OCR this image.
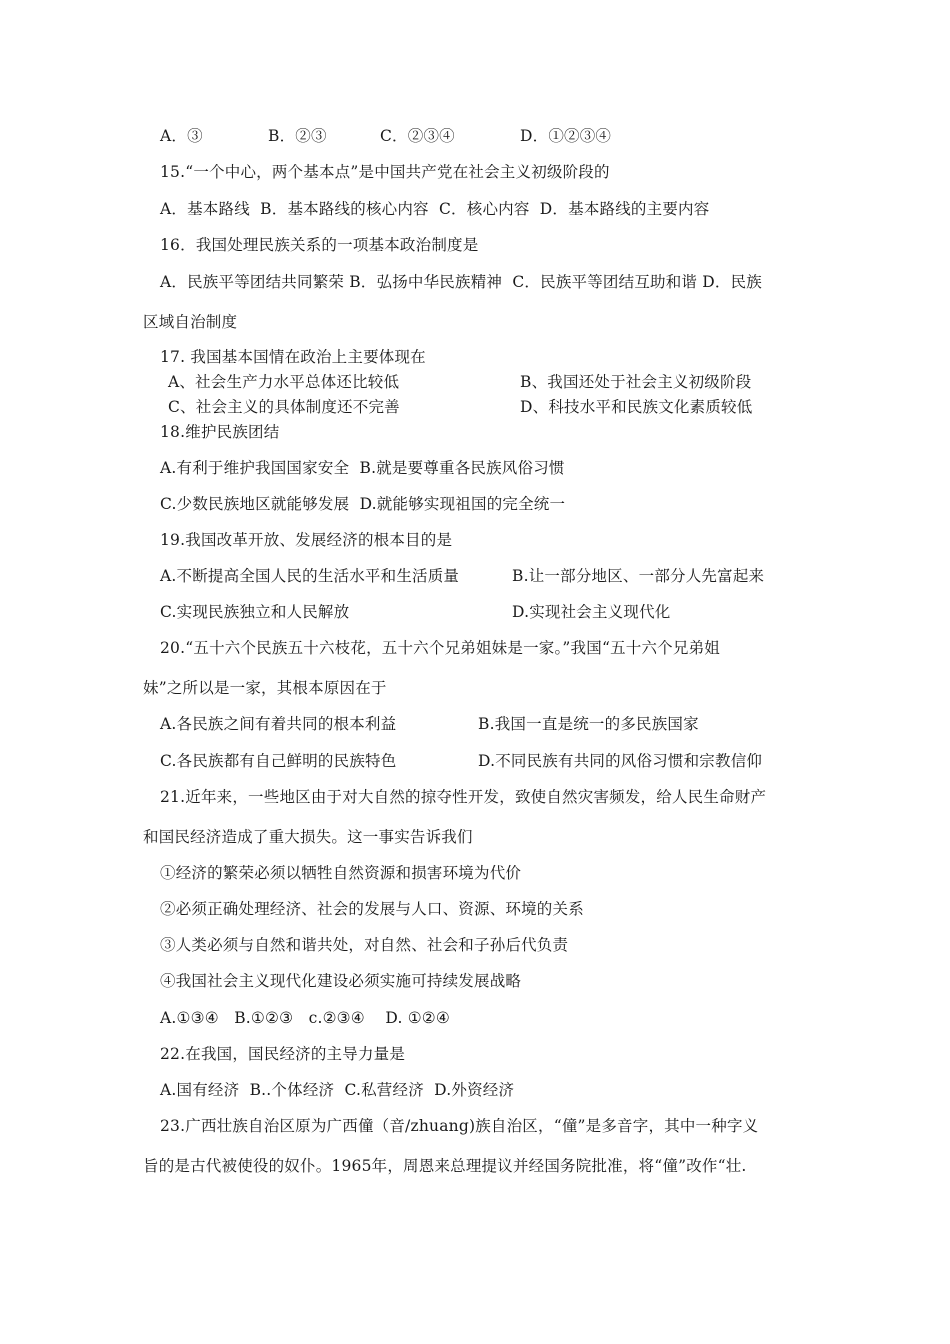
A．③

	B．②③

	C．②③④

	D．①②③④

15.“一个中心，两个基本点”是中国共产党在社会主义初级阶段的
A．基本路线  B．基本路线的核心内容  C．核心内容  D．基本路线的主要内容
16．我国处理民族关系的一项基本政治制度是
A．民族平等团结共同繁荣 B．弘扬中华民族精神  C．民族平等团结互助和谐 D．民族
区域自治制度
17. 我国基本国情在政治上主要体现在

A、社会生产力水平总体还比较低

	B、我国还处于社会主义初级阶段

C、社会主义的具体制度还不完善

	D、科技水平和民族文化素质较低

18.维护民族团结
A.有利于维护我国国家安全  B.就是要尊重各民族风俗习惯
C.少数民族地区就能够发展  D.就能够实现祖国的完全统一
19.我国改革开放、发展经济的根本目的是

A.不断提高全国人民的生活水平和生活质量

	B.让一部分地区、一部分人先富起来

C.实现民族独立和人民解放

	D.实现社会主义现代化

20.“五十六个民族五十六枝花，五十六个兄弟姐妹是一家。”我国“五十六个兄弟姐
妹”之所以是一家，其根本原因在于

A.各民族之间有着共同的根本利益

	B.我国一直是统一的多民族国家

C.各民族都有自己鲜明的民族特色

	D.不同民族有共同的风俗习惯和宗教信仰

21.近年来，一些地区由于对大自然的掠夺性开发，致使自然灾害频发，给人民生命财产
和国民经济造成了重大损失。这一事实告诉我们
①经济的繁荣必须以牺牲自然资源和损害环境为代价
②必须正确处理经济、社会的发展与人口、资源、环境的关系
③人类必须与自然和谐共处，对自然、社会和子孙后代负责
④我国社会主义现代化建设必须实施可持续发展战略
A.①③④   B.①②③   c.②③④    D. ①②④
22.在我国，国民经济的主导力量是
A.国有经济  B..个体经济  C.私营经济  D.外资经济
23.广西壮族自治区原为广西僮（音/zhuang)族自治区，“僮”是多音字，其中一种字义
旨的是古代被使役的奴仆。1965年，周恩来总理提议并经国务院批准，将“僮”改作“壮.
